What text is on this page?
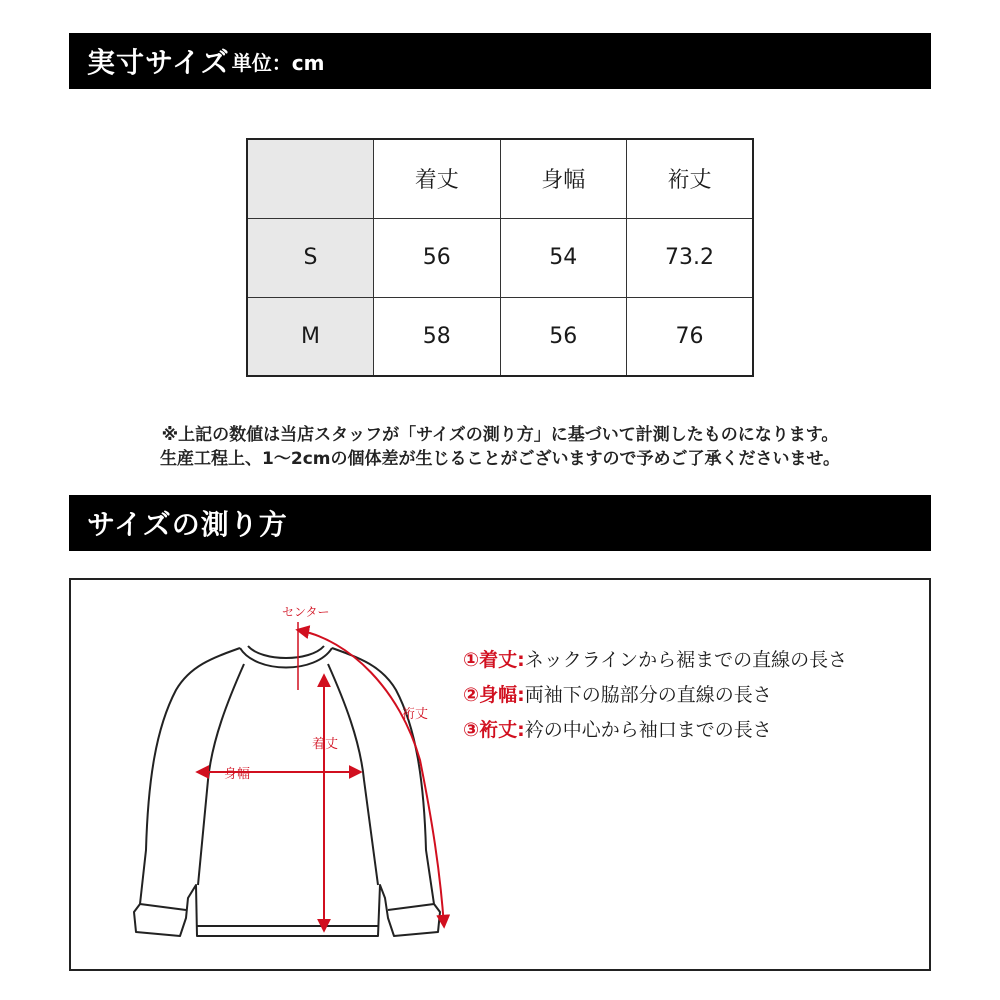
実寸サイズ 単位：cm
	着丈	身幅	裄丈
S	56	54	73.2
M	58	56	76
※上記の数値は当店スタッフが「サイズの測り方」に基づいて計測したものになります。
生産工程上、1〜2cmの個体差が生じることがございますので予めご了承くださいませ。
サイズの測り方
センター
着丈
身幅
裄丈
①着丈:ネックラインから裾までの直線の長さ
②身幅:両袖下の脇部分の直線の長さ
③裄丈:衿の中心から袖口までの長さ
